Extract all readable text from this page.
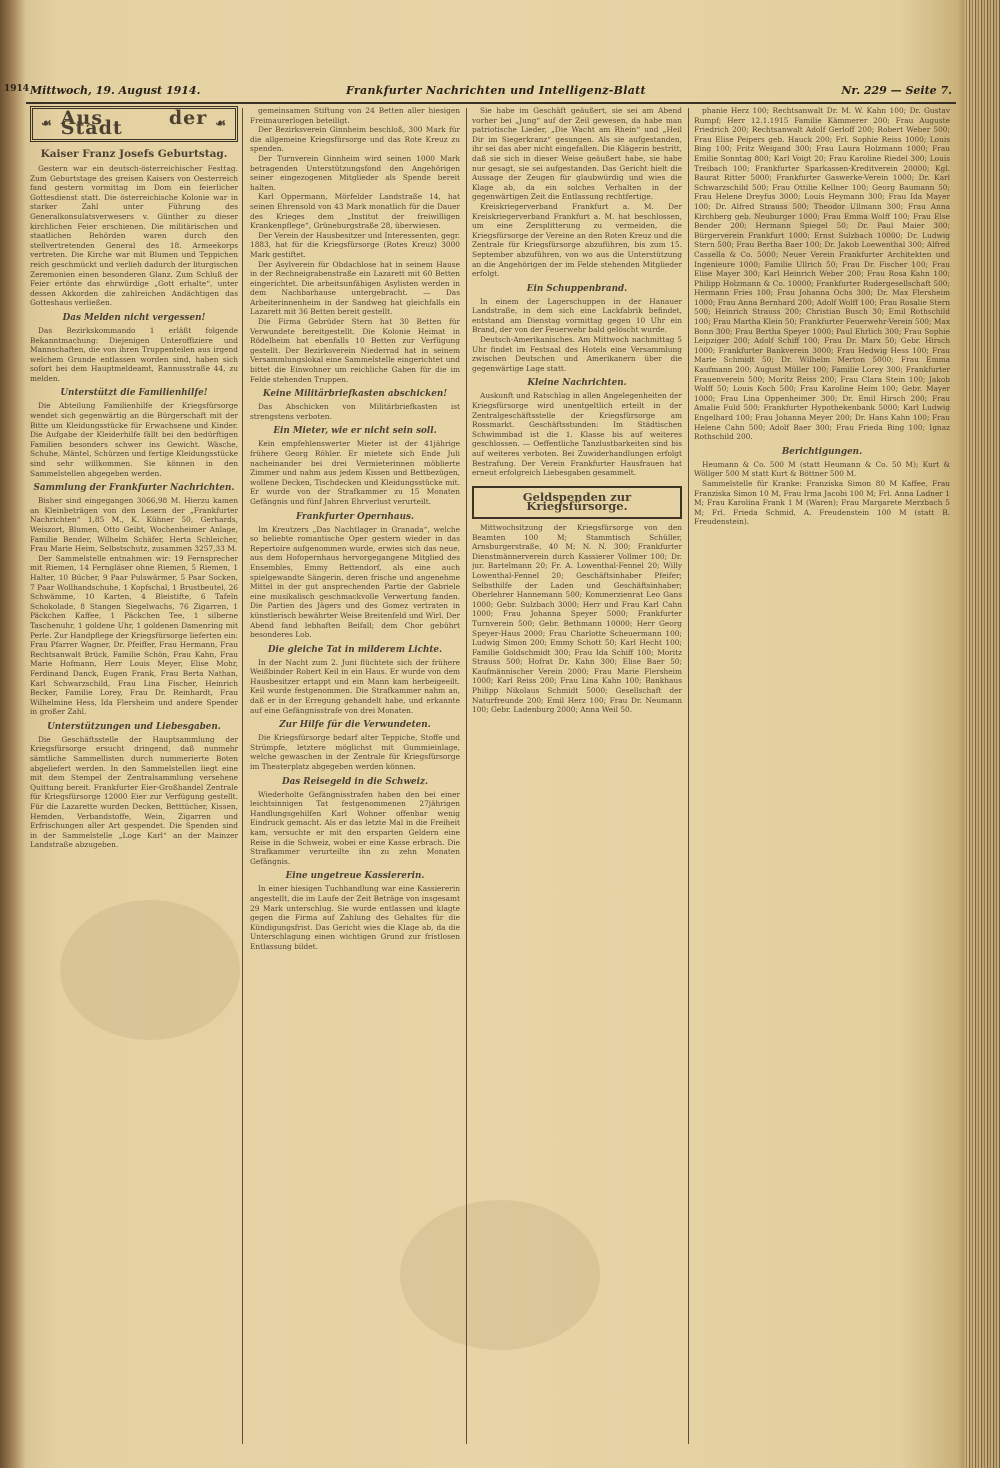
1914 Mittwoch, 19. August 1914.	Frankfurter Nachrichten und Intelligenz-Blatt	Nr. 229 — Seite 7.
☙ Aus der Stadt	☙
Kaiser Franz Josefs Geburtstag.

Gestern war ein deutsch-österreichischer Festtag. Zum Geburtstage des greisen Kaisers von Oesterreich fand gestern vormittag im Dom ein feierlicher Gottesdienst statt. Die österreichische Kolonie war in starker Zahl unter Führung des Generalkonsulatsverwesers v. Günther zu dieser kirchlichen Feier erschienen. Die militärischen und staatlichen Behörden waren durch den stellvertretenden General des 18. Armeekorps vertreten. Die Kirche war mit Blumen und Teppichen reich geschmückt und verlieh dadurch der liturgischen Zeremonien einen besonderen Glanz. Zum Schluß der Feier ertönte das ehrwürdige „Gott erhalte“, unter dessen Akkorden die zahlreichen Andächtigen das Gotteshaus verließen.

Das Melden nicht vergessen!

Das Bezirkskommando 1 erläßt folgende Bekanntmachung: Diejenigen Unteroffiziere und Mannschaften, die von ihren Truppenteilen aus irgend welchem Grunde entlassen worden sind, haben sich sofort bei dem Hauptmeldeamt, Rannusstraße 44, zu melden.

Unterstützt die Familienhilfe!

Die Abteilung Familienhilfe der Kriegsfürsorge wendet sich gegenwärtig an die Bürgerschaft mit der Bitte um Kleidungsstücke für Erwachsene und Kinder. Die Aufgabe der Kleiderhilfe fällt bei den bedürftigen Familien besonders schwer ins Gewicht. Wäsche, Schuhe, Mäntel, Schürzen und fertige Kleidungsstücke sind sehr willkommen. Sie können in den Sammelstellen abgegeben werden.

Sammlung der Frankfurter Nachrichten.

Bisher sind eingegangen 3066,98 M. Hierzu kamen an Kleinbeträgen von den Lesern der „Frankfurter Nachrichten“ 1,85 M., K. Kühner 50, Gerhards, Weiszort, Blumen, Otto Geibt, Wochenheimer Anlage, Familie Bender, Wilhelm Schäfer, Herta Schleicher, Frau Marie Heim, Selbstschutz, zusammen 3257,33 M.

Der Sammelstelle entnahmen wir: 19 Fernsprecher mit Riemen, 14 Ferngläser ohne Riemen, 5 Riemen, 1 Halter, 10 Bücher, 9 Paar Pulswärmer, 5 Paar Socken, 7 Paar Wollhandschuhe, 1 Kopfschal, 1 Brustbeutel, 26 Schwämme, 10 Karten, 4 Bleistifte, 6 Tafeln Schokolade, 8 Stangen Siegelwachs, 76 Zigarren, 1 Päckchen Kaffee, 1 Päckchen Tee, 1 silberne Taschenuhr, 1 goldene Uhr, 1 goldenen Damenring mit Perle. Zur Handpflege der Kriegsfürsorge lieferten ein: Frau Pfarrer Wagner, Dr. Pfeiffer, Frau Hermann, Frau Rechtsanwalt Brück, Familie Schön, Frau Kahn, Frau Marie Hofmann, Herr Louis Meyer, Elise Mohr, Ferdinand Danck, Eugen Frank, Frau Berta Nathan, Karl Schwarzschild, Frau Lina Fischer, Heinrich Becker, Familie Lorey, Frau Dr. Reinhardt, Frau Wilhelmine Hess, Ida Flersheim und andere Spender in großer Zahl.

Unterstützungen und Liebesgaben.

Die Geschäftsstelle der Hauptsammlung der Kriegsfürsorge ersucht dringend, daß nunmehr sämtliche Sammellisten durch nummerierte Boten abgeliefert werden. In den Sammelstellen liegt eine mit dem Stempel der Zentralsammlung versehene Quittung bereit. Frankfurter Eier-Großhandel Zentrale für Kriegsfürsorge 12000 Eier zur Verfügung gestellt. Für die Lazarette wurden Decken, Betttücher, Kissen, Hemden, Verbandstoffe, Wein, Zigarren und Erfrischungen aller Art gespendet. Die Spenden sind in der Sammelstelle „Loge Karl“ an der Mainzer Landstraße abzugeben.

gemeinsamen Stiftung von 24 Betten aller hiesigen Freimaurerlogen beteiligt.

Der Bezirksverein Ginnheim beschloß, 300 Mark für die allgemeine Kriegsfürsorge und das Rote Kreuz zu spenden.

Der Turnverein Ginnheim wird seinen 1000 Mark betragenden Unterstützungsfond den Angehörigen seiner eingezogenen Mitglieder als Spende bereit halten.

Karl Oppermann, Mörfelder Landstraße 14, hat seinen Ehrensold von 43 Mark monatlich für die Dauer des Krieges dem „Institut der freiwilligen Krankenpflege“, Grüneburgstraße 28, überwiesen.

Der Verein der Hausbesitzer und Interessenten, gegr. 1883, hat für die Kriegsfürsorge (Rotes Kreuz) 3000 Mark gestiftet.

Der Asylverein für Obdachlose hat in seinem Hause in der Rechneigrabenstraße ein Lazarett mit 60 Betten eingerichtet. Die arbeitsunfähigen Asylisten werden in dem Nachbarhause untergebracht. — Das Arbeiterinnenheim in der Sandweg hat gleichfalls ein Lazarett mit 36 Betten bereit gestellt.

Die Firma Gebrüder Stern hat 30 Betten für Verwundete bereitgestellt. Die Kolonie Heimat in Rödelheim hat ebenfalls 10 Betten zur Verfügung gestellt. Der Bezirksverein Niederrad hat in seinem Versammlungslokal eine Sammelstelle eingerichtet und bittet die Einwohner um reichliche Gaben für die im Felde stehenden Truppen.

Keine Militärbriefkasten abschicken!

Das Abschicken von Militärbriefkasten ist strengstens verboten.

Ein Mieter, wie er nicht sein soll.

Kein empfehlenswerter Mieter ist der 41jährige frühere Georg Röhler. Er mietete sich Ende Juli nacheinander bei drei Vermieterinnen möblierte Zimmer und nahm aus jedem Kissen und Bettbezügen, wollene Decken, Tischdecken und Kleidungsstücke mit. Er wurde von der Strafkammer zu 15 Monaten Gefängnis und fünf Jahren Ehrverlust verurteilt.

Frankfurter Opernhaus.

Im Kreutzers „Das Nachtlager in Granada“, welche so beliebte romantische Oper gestern wieder in das Repertoire aufgenommen wurde, erwies sich das neue, aus dem Hofopernhaus hervorgegangene Mitglied des Ensembles, Emmy Bettendorf, als eine auch spielgewandte Sängerin, deren frische und angenehme Mittel in der gut ansprechenden Partie der Gabriele eine musikalisch geschmackvolle Verwertung fanden. Die Partien des Jägers und des Gomez vertraten in künstlerisch bewährter Weise Breitenfeld und Wirl. Der Abend fand lebhaften Beifall; dem Chor gebührt besonderes Lob.

Die gleiche Tat in milderem Lichte.

In der Nacht zum 2. Juni flüchtete sich der frühere Weißbinder Robert Keil in ein Haus. Er wurde von dem Hausbesitzer ertappt und ein Mann kam herbeigeeilt. Keil wurde festgenommen. Die Strafkammer nahm an, daß er in der Erregung gehandelt habe, und erkannte auf eine Gefängnisstrafe von drei Monaten.

Zur Hilfe für die Verwundeten.

Die Kriegsfürsorge bedarf alter Teppiche, Stoffe und Strümpfe, letztere möglichst mit Gummieinlage, welche gewaschen in der Zentrale für Kriegsfürsorge im Theaterplatz abgegeben werden können.

Das Reisegeld in die Schweiz.

Wiederholte Gefängnisstrafen haben den bei einer leichtsinnigen Tat festgenommenen 27jährigen Handlungsgehilfen Karl Wohner offenbar wenig Eindruck gemacht. Als er das letzte Mal in die Freiheit kam, versuchte er mit den ersparten Geldern eine Reise in die Schweiz, wobei er eine Kasse erbrach. Die Strafkammer verurteilte ihn zu zehn Monaten Gefängnis.

Eine ungetreue Kassiererin.

In einer hiesigen Tuchhandlung war eine Kassiererin angestellt, die im Laufe der Zeit Beträge von insgesamt 29 Mark unterschlug. Sie wurde entlassen und klagte gegen die Firma auf Zahlung des Gehaltes für die Kündigungsfrist. Das Gericht wies die Klage ab, da die Unterschlagung einen wichtigen Grund zur fristlosen Entlassung bildet.

Sie habe im Geschäft geäußert, sie sei am Abend vorher bei „Jung“ auf der Zeil gewesen, da habe man patriotische Lieder, „Die Wacht am Rhein“ und „Heil Dir im Siegerkranz“ gesungen. Als sie aufgestanden, ihr sei das aber nicht eingefallen. Die Klägerin bestritt, daß sie sich in dieser Weise geäußert habe, sie habe nur gesagt, sie sei aufgestanden. Das Gericht hielt die Aussage der Zeugen für glaubwürdig und wies die Klage ab, da ein solches Verhalten in der gegenwärtigen Zeit die Entlassung rechtfertige.

Kreiskriegerverband Frankfurt a. M. Der Kreiskriegerverband Frankfurt a. M. hat beschlossen, um eine Zersplitterung zu vermeiden, die Kriegsfürsorge der Vereine an den Roten Kreuz und die Zentrale für Kriegsfürsorge abzuführen, bis zum 15. September abzuführen, von wo aus die Unterstützung an die Angehörigen der im Felde stehenden Mitglieder erfolgt.

Ein Schuppenbrand.

In einem der Lagerschuppen in der Hanauer Landstraße, in dem sich eine Lackfabrik befindet, entstand am Dienstag vormittag gegen 10 Uhr ein Brand, der von der Feuerwehr bald gelöscht wurde.

Deutsch-Amerikanisches. Am Mittwoch nachmittag 5 Uhr findet im Festsaal des Hotels eine Versammlung zwischen Deutschen und Amerikanern über die gegenwärtige Lage statt.

Kleine Nachrichten.

Auskunft und Ratschlag in allen Angelegenheiten der Kriegsfürsorge wird unentgeltlich erteilt in der Zentralgeschäftsstelle der Kriegsfürsorge am Rossmarkt. Geschäftsstunden: Im Städtischen Schwimmbad ist die 1. Klasse bis auf weiteres geschlossen. — Oeffentliche Tanzlustbarkeiten sind bis auf weiteres verboten. Bei Zuwiderhandlungen erfolgt Bestrafung. Der Verein Frankfurter Hausfrauen hat erneut erfolgreich Liebesgaben gesammelt.

Geldspenden zur Kriegsfürsorge.

Mittwochsitzung der Kriegsfürsorge von den Beamten 100 M; Stammtisch Schüller, Arnsburgerstraße, 40 M; N. N. 300; Frankfurter Dienstmännerverein durch Kassierer Vollmer 100; Dr. jur. Bartelmann 20; Fr. A. Lowenthal-Fennel 20; Willy Lowenthal-Fennel 20; Geschäftsinhaber Pfeifer; Selbsthilfe der Laden und Geschäftsinhaber; Oberlehrer Hannemann 500; Kommerzienrat Leo Gans 1000; Gebr. Sulzbach 3000; Herr und Frau Karl Cahn 1000; Frau Johanna Speyer 5000; Frankfurter Turnverein 500; Gebr. Bethmann 10000; Herr Georg Speyer-Haus 2000; Frau Charlotte Scheuermann 100; Ludwig Simon 200; Emmy Schott 50; Karl Hecht 100; Familie Goldschmidt 300; Frau Ida Schiff 100; Moritz Strauss 500; Hofrat Dr. Kahn 300; Elise Baer 50; Kaufmännischer Verein 2000; Frau Marie Flersheim 1000; Karl Reiss 200; Frau Lina Kahn 100; Bankhaus Philipp Nikolaus Schmidt 5000; Gesellschaft der Naturfreunde 200; Emil Herz 100; Frau Dr. Neumann 100; Gebr. Ladenburg 2000; Anna Weil 50.

phanie Herz 100; Rechtsanwalt Dr. M. W. Kahn 100; Dr. Gustav Rumpf; Herr 12.1.1915 Familie Kämmerer 200; Frau Auguste Friedrich 200; Rechtsanwalt Adolf Gerloff 200; Robert Weber 500; Frau Elise Peipers geb. Hauck 200; Frl. Sophie Reiss 1000; Louis Bing 100; Fritz Weigand 300; Frau Laura Holzmann 1000; Frau Emilie Sonntag 800; Karl Voigt 20; Frau Karoline Riedel 300; Louis Treibach 100; Frankfurter Sparkassen-Kreditverein 20000; Kgl. Baurat Ritter 5000; Frankfurter Gaswerke-Verein 1000; Dr. Karl Schwarzschild 500; Frau Ottilie Kellner 100; Georg Baumann 50; Frau Helene Dreyfus 3000; Louis Heymann 300; Frau Ida Mayer 100; Dr. Alfred Strauss 500; Theodor Ullmann 300; Frau Anna Kirchberg geb. Neuburger 1000; Frau Emma Wolff 100; Frau Else Bender 200; Hermann Spiegel 50; Dr. Paul Maier 300; Bürgerverein Frankfurt 1000; Ernst Sulzbach 10000; Dr. Ludwig Stern 500; Frau Bertha Baer 100; Dr. Jakob Loewenthal 300; Alfred Cassella & Co. 5000; Neuer Verein Frankfurter Architekten und Ingenieure 1000; Familie Ullrich 50; Frau Dr. Fischer 100; Frau Elise Mayer 300; Karl Heinrich Weber 200; Frau Rosa Kahn 100; Philipp Holzmann & Co. 10000; Frankfurter Rudergesellschaft 500; Hermann Fries 100; Frau Johanna Ochs 300; Dr. Max Flersheim 1000; Frau Anna Bernhard 200; Adolf Wolff 100; Frau Rosalie Stern 500; Heinrich Strauss 200; Christian Busch 30; Emil Rothschild 100; Frau Martha Klein 50; Frankfurter Feuerwehr-Verein 500; Max Bonn 300; Frau Bertha Speyer 1000; Paul Ehrlich 300; Frau Sophie Leipziger 200; Adolf Schiff 100; Frau Dr. Marx 50; Gebr. Hirsch 1000; Frankfurter Bankverein 3000; Frau Hedwig Hess 100; Frau Marie Schmidt 50; Dr. Wilhelm Merton 5000; Frau Emma Kaufmann 200; August Müller 100; Familie Lorey 300; Frankfurter Frauenverein 500; Moritz Reiss 200; Frau Clara Stein 100; Jakob Wolff 50; Louis Koch 500; Frau Karoline Heim 100; Gebr. Mayer 1000; Frau Lina Oppenheimer 300; Dr. Emil Hirsch 200; Frau Amalie Fuld 500; Frankfurter Hypothekenbank 5000; Karl Ludwig Engelhard 100; Frau Johanna Meyer 200; Dr. Hans Kahn 100; Frau Helene Cahn 500; Adolf Baer 300; Frau Frieda Bing 100; Ignaz Rothschild 200.

Berichtigungen.

Heumann & Co. 500 M (statt Heumann & Co. 50 M); Kurt & Wöllger 500 M statt Kurt & Böttner 500 M.

Sammelstelle für Kranke: Franziska Simon 80 M Kaffee, Frau Franziska Simon 10 M, Frau Irma Jacobi 100 M; Frl. Anna Ladner 1 M; Frau Karolina Frank 1 M (Waren); Frau Margarete Merzbach 5 M; Frl. Frieda Schmid, A. Freudenstein 100 M (statt B. Freudenstein).
